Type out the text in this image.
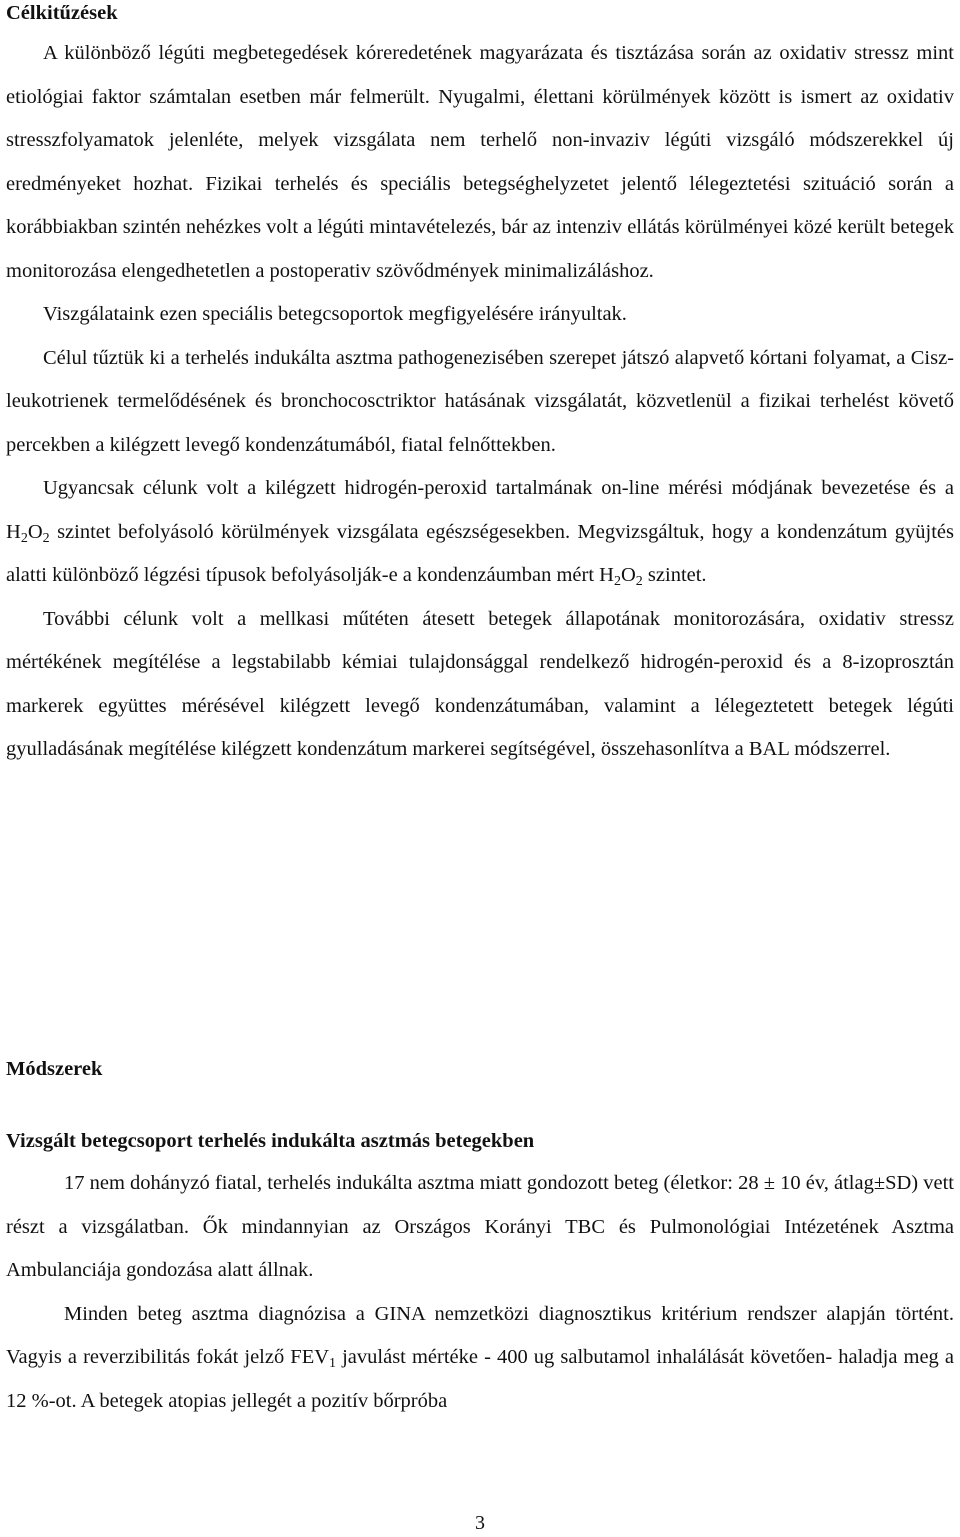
Célkitűzések

A különböző légúti megbetegedések kóreredetének magyarázata és tisztázása során az oxidativ stressz mint etiológiai faktor számtalan esetben már felmerült. Nyugalmi, élettani körülmények között is ismert az oxidativ stresszfolyamatok jelenléte, melyek vizsgálata nem terhelő non-invaziv légúti vizsgáló módszerekkel új eredményeket hozhat. Fizikai terhelés és speciális betegséghelyzetet jelentő lélegeztetési szituáció során a korábbiakban szintén nehézkes volt a légúti mintavételezés, bár az intenziv ellátás körülményei közé került betegek monitorozása elengedhetetlen a postoperativ szövődmények minimalizáláshoz.

Viszgálataink ezen speciális betegcsoportok megfigyelésére irányultak.

Célul tűztük ki a terhelés indukálta asztma pathogenezisében szerepet játszó alapvető kórtani folyamat, a Cisz-leukotrienek termelődésének és bronchocosctriktor hatásának vizsgálatát, közvetlenül a fizikai terhelést követő percekben a kilégzett levegő kondenzátumából, fiatal felnőttekben.

Ugyancsak célunk volt a kilégzett hidrogén-peroxid tartalmának on-line mérési módjának bevezetése és a $H_2O_2$ szintet befolyásoló körülmények vizsgálata egészségesekben. Megvizsgáltuk, hogy a kondenzátum gyüjtés alatti különböző légzési típusok befolyásolják-e a kondenzáumban mért $H_2O_2$ szintet.

További célunk volt a mellkasi műtéten átesett betegek állapotának monitorozására, oxidativ stressz mértékének megítélése a legstabilabb kémiai tulajdonsággal rendelkező hidrogén-peroxid és a 8-izoprosztán markerek együttes mérésével kilégzett levegő kondenzátumában, valamint a lélegeztetett betegek légúti gyulladásának megítélése kilégzett kondenzátum markerei segítségével, összehasonlítva a BAL módszerrel.

Módszerek
Vizsgált betegcsoport terhelés indukálta asztmás betegekben

17 nem dohányzó fiatal, terhelés indukálta asztma miatt gondozott beteg (életkor: 28 ± 10 év, átlag±SD) vett részt a vizsgálatban. Ők mindannyian az Országos Korányi TBC és Pulmonológiai Intézetének Asztma Ambulanciája gondozása alatt állnak.

Minden beteg asztma diagnózisa a GINA nemzetközi diagnosztikus kritérium rendszer alapján történt. Vagyis a reverzibilitás fokát jelző $FEV_1$ javulást mértéke - 400 ug salbutamol inhalálását követően- haladja meg a 12 %-ot. A betegek atopias jellegét a pozitív bőrpróba

3
